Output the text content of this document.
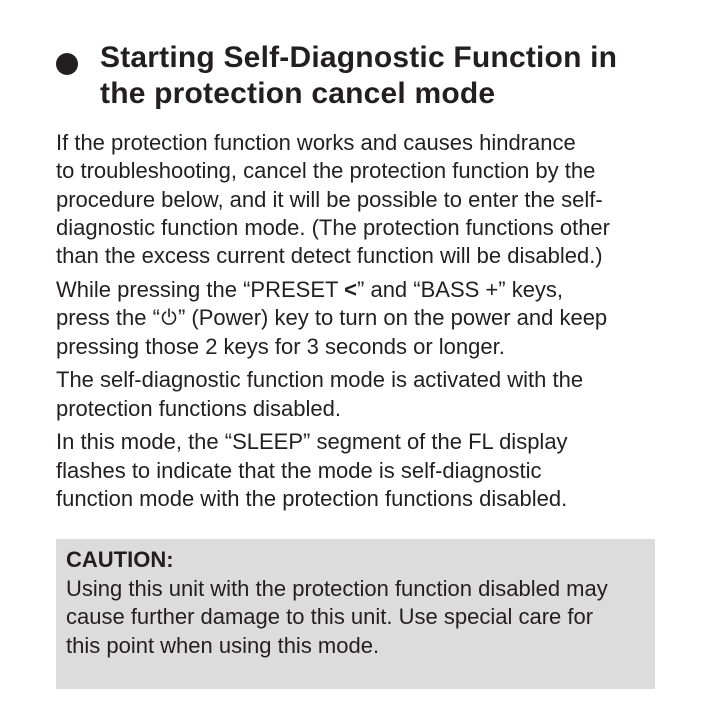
Starting Self-Diagnostic Function in
the protection cancel mode

If the protection function works and causes hindrance
to troubleshooting, cancel the protection function by the
procedure below, and it will be possible to enter the self-
diagnostic function mode. (The protection functions other
than the excess current detect function will be disabled.)

While pressing the “PRESET <” and “BASS +” keys,
press the “ ” (Power) key to turn on the power and keep
pressing those 2 keys for 3 seconds or longer.

The self-diagnostic function mode is activated with the
protection functions disabled.

In this mode, the “SLEEP” segment of the FL display
flashes to indicate that the mode is self-diagnostic
function mode with the protection functions disabled.

CAUTION:
Using this unit with the protection function disabled may
cause further damage to this unit. Use special care for
this point when using this mode.
